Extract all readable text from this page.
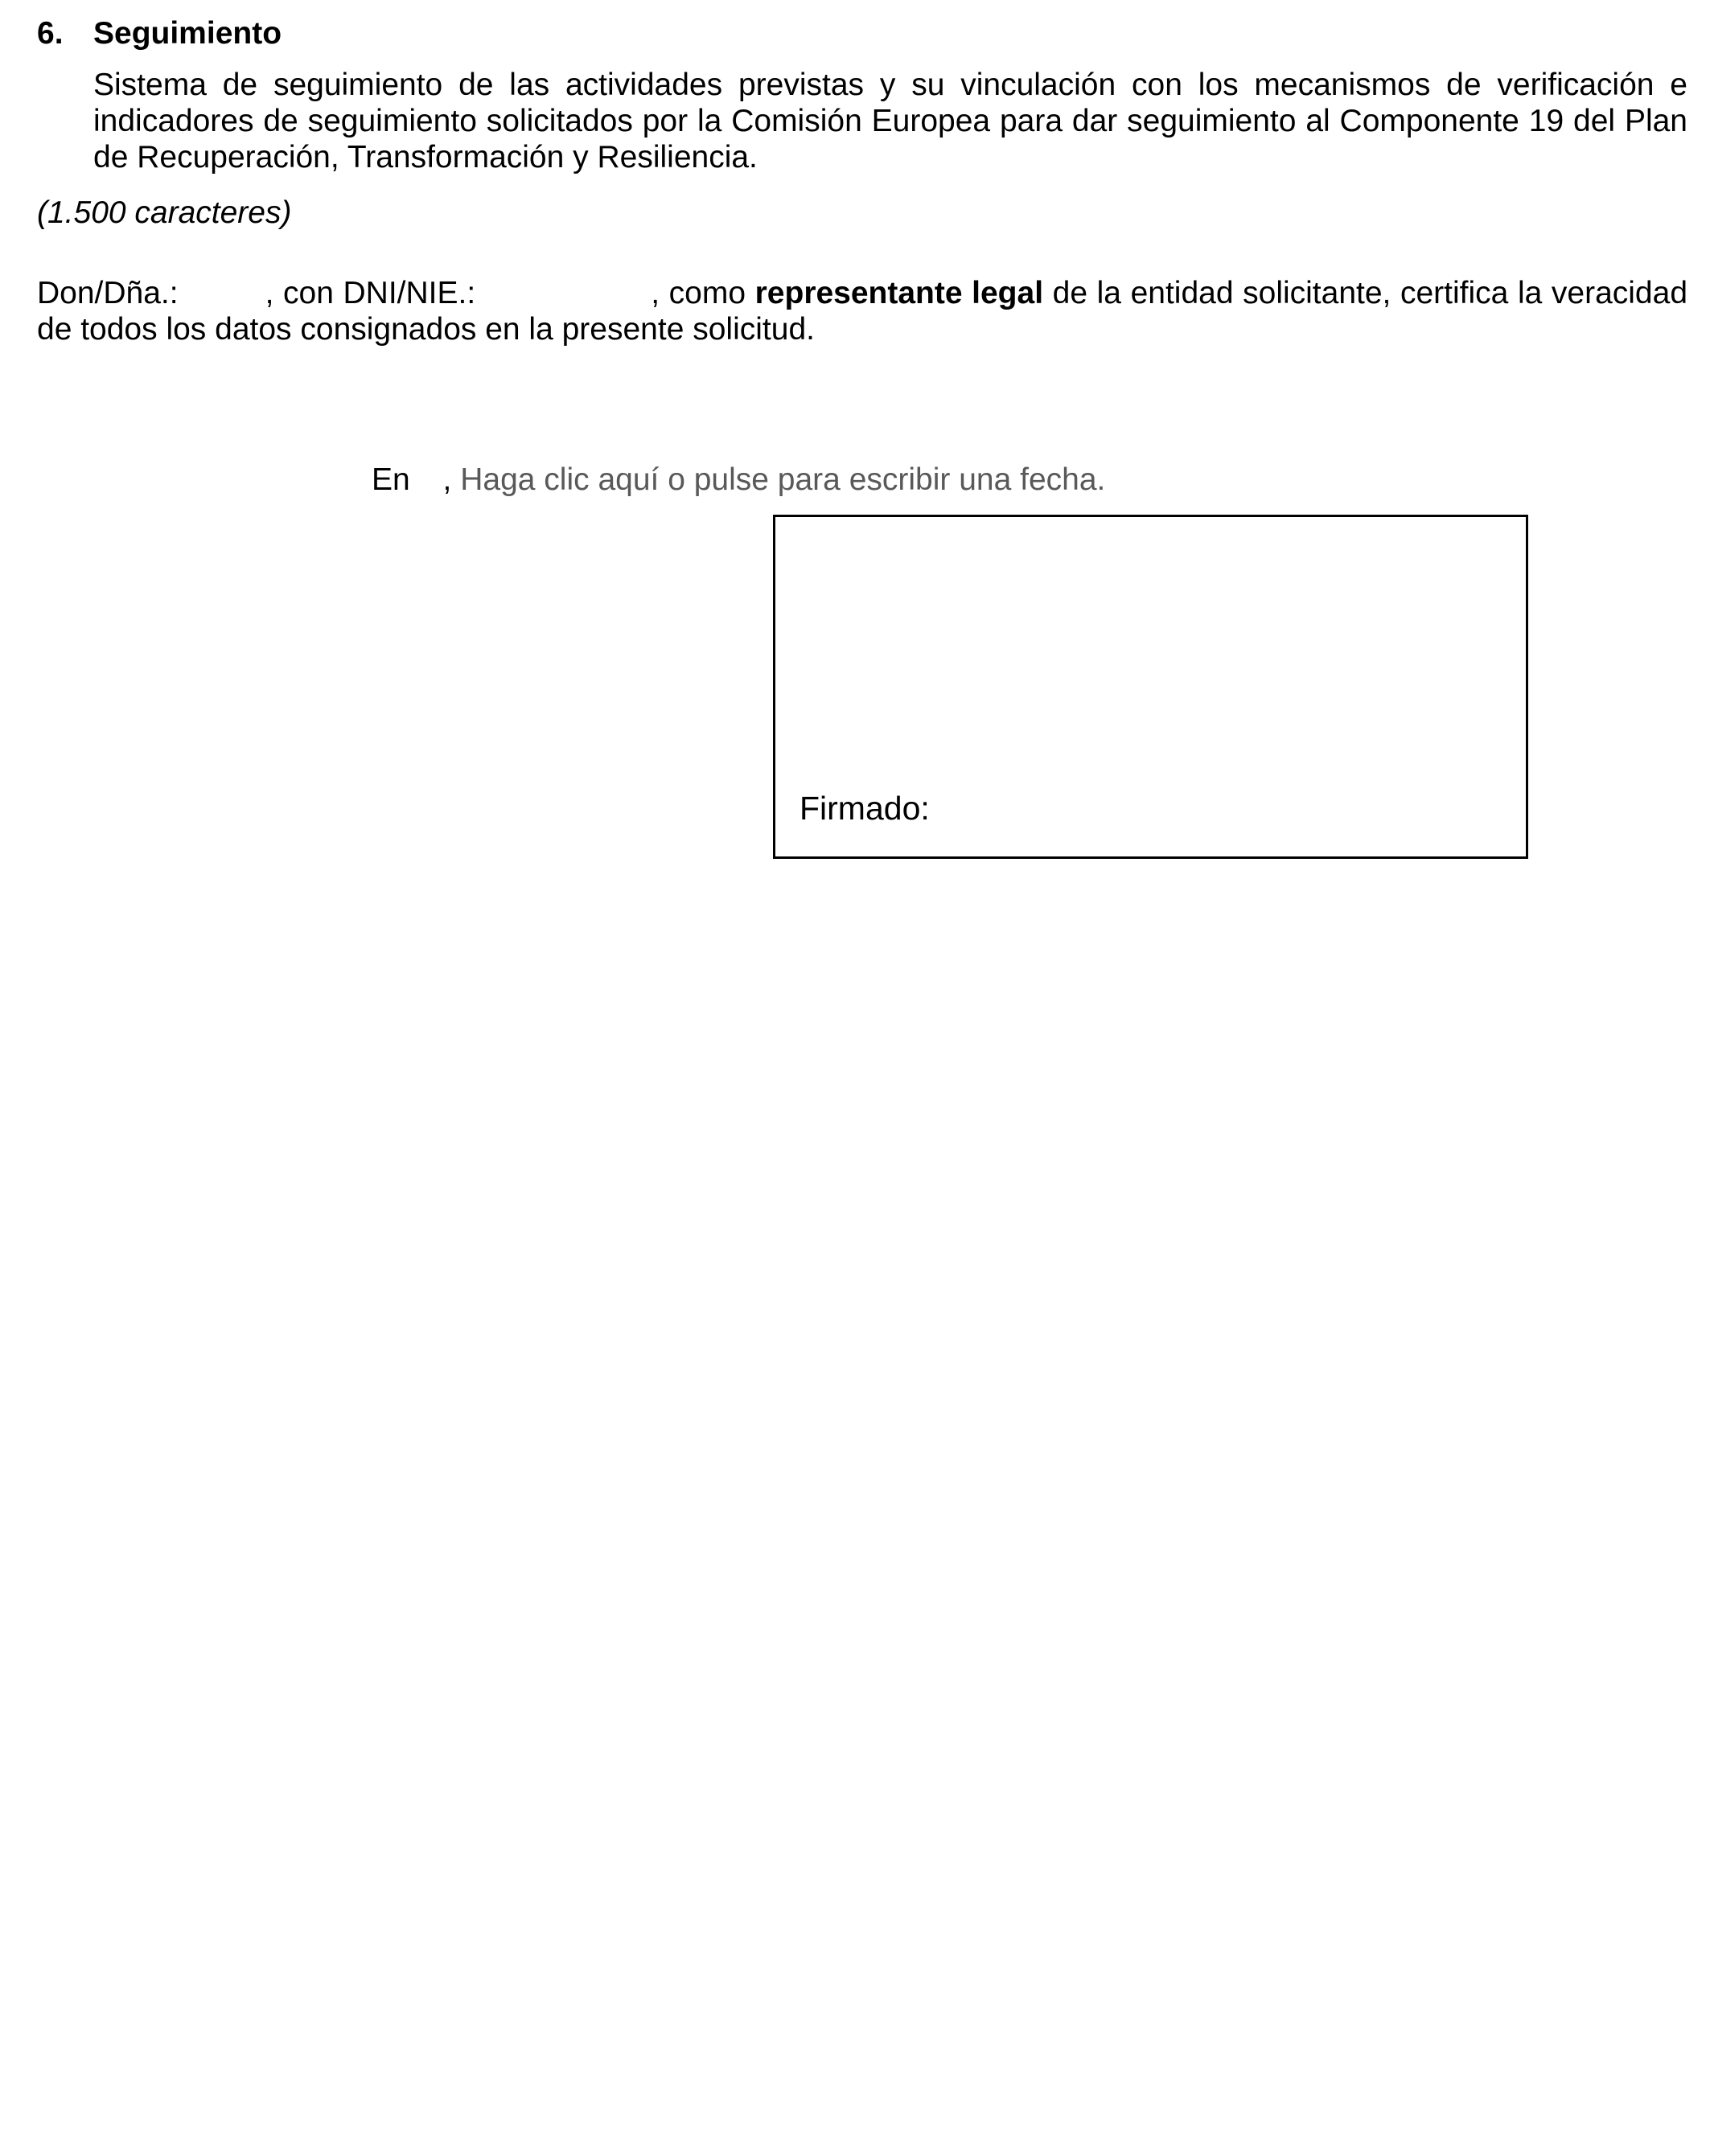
6. Seguimiento
Sistema de seguimiento de las actividades previstas y su vinculación con los mecanismos de verificación e indicadores de seguimiento solicitados por la Comisión Europea para dar seguimiento al Componente 19 del Plan de Recuperación, Transformación y Resiliencia.
(1.500 caracteres)
Don/Dña.:	, con DNI/NIE.:	, como representante legal de la entidad solicitante, certifica la veracidad de todos los datos consignados en la presente solicitud.
En , Haga clic aquí o pulse para escribir una fecha.
Firmado:
